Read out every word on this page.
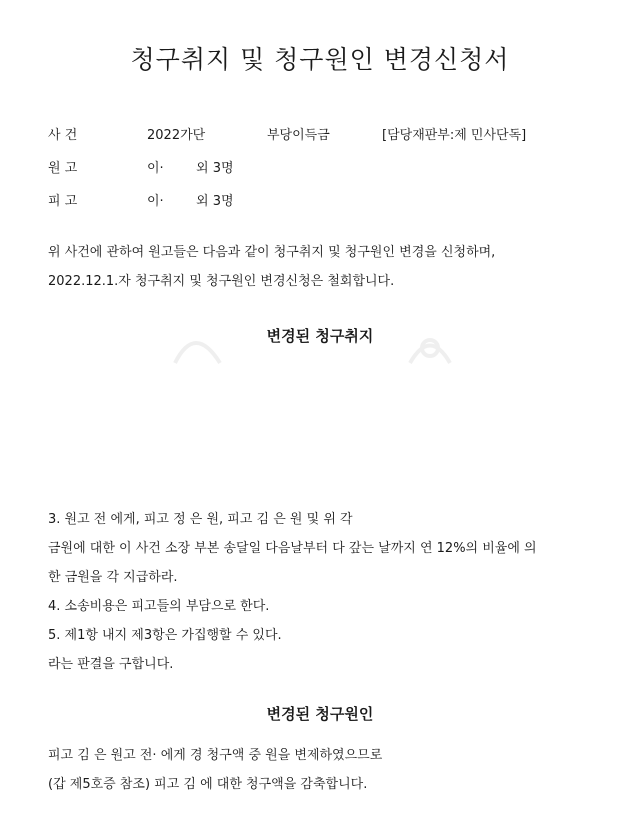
청구취지 및 청구원인 변경신청서
사 건	2022가단	부당이득금	[담당재판부:제 민사단독]
원 고	이· 외 3명
피 고	이· 외 3명
위 사건에 관하여 원고들은 다음과 같이 청구취지 및 청구원인 변경을 신청하며,
2022.12.1.자 청구취지 및 청구원인 변경신청은 철회합니다.
변경된 청구취지
3. 원고 전 에게, 피고 정 은 원, 피고 김 은 원 및 위 각
금원에 대한 이 사건 소장 부본 송달일 다음날부터 다 갚는 날까지 연 12%의 비율에 의
한 금원을 각 지급하라.
4. 소송비용은 피고들의 부담으로 한다.
5. 제1항 내지 제3항은 가집행할 수 있다.
라는 판결을 구합니다.
변경된 청구원인
피고 김 은 원고 전· 에게 경 청구액 중 원을 변제하였으므로
(갑 제5호증 참조) 피고 김 에 대한 청구액을 감축합니다.
